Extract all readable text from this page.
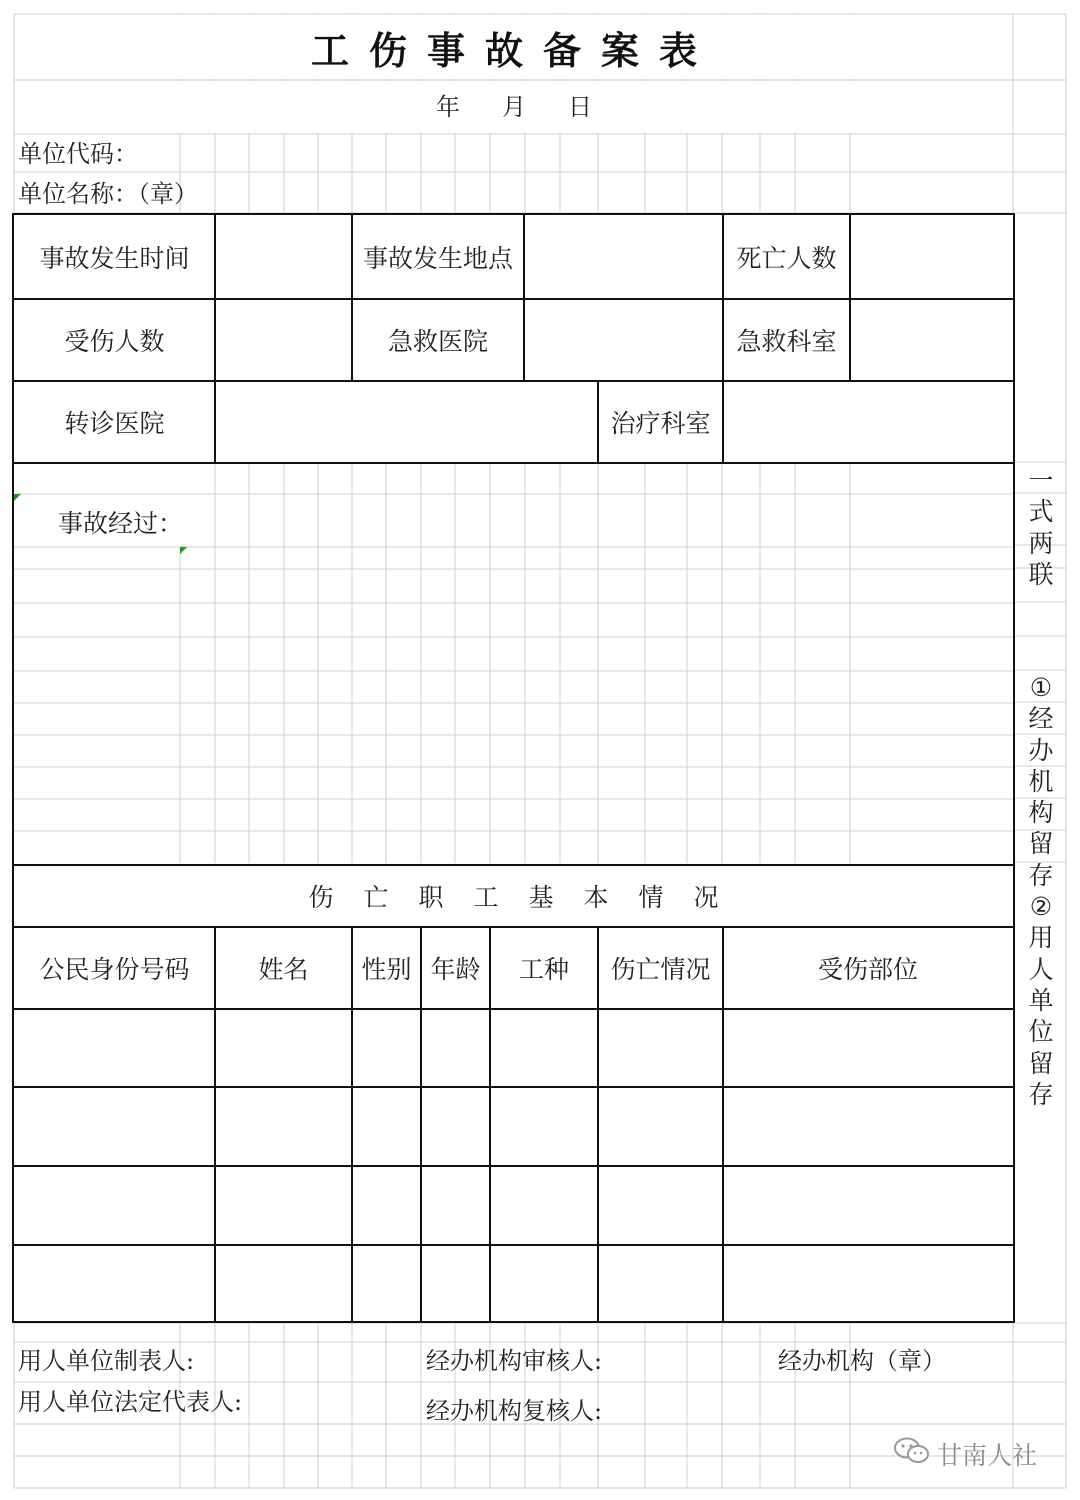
工伤事故备案表
年 月 日
单位代码：
单位名称：（章）
事故发生时间	事故发生地点	死亡人数
受伤人数	急救医院	急救科室
转诊医院	治疗科室
事故经过：
伤亡职工基本情况
公民身份号码	姓名	性别 年龄	工种	伤亡情况	受伤部位
用人单位制表人:
用人单位法定代表人:
经办机构审核人:
经办机构复核人:
经办机构（章）
一
式
两
联
①
经
办
机
构
留
存
②
用
人
单
位
留
存
甘南人社
